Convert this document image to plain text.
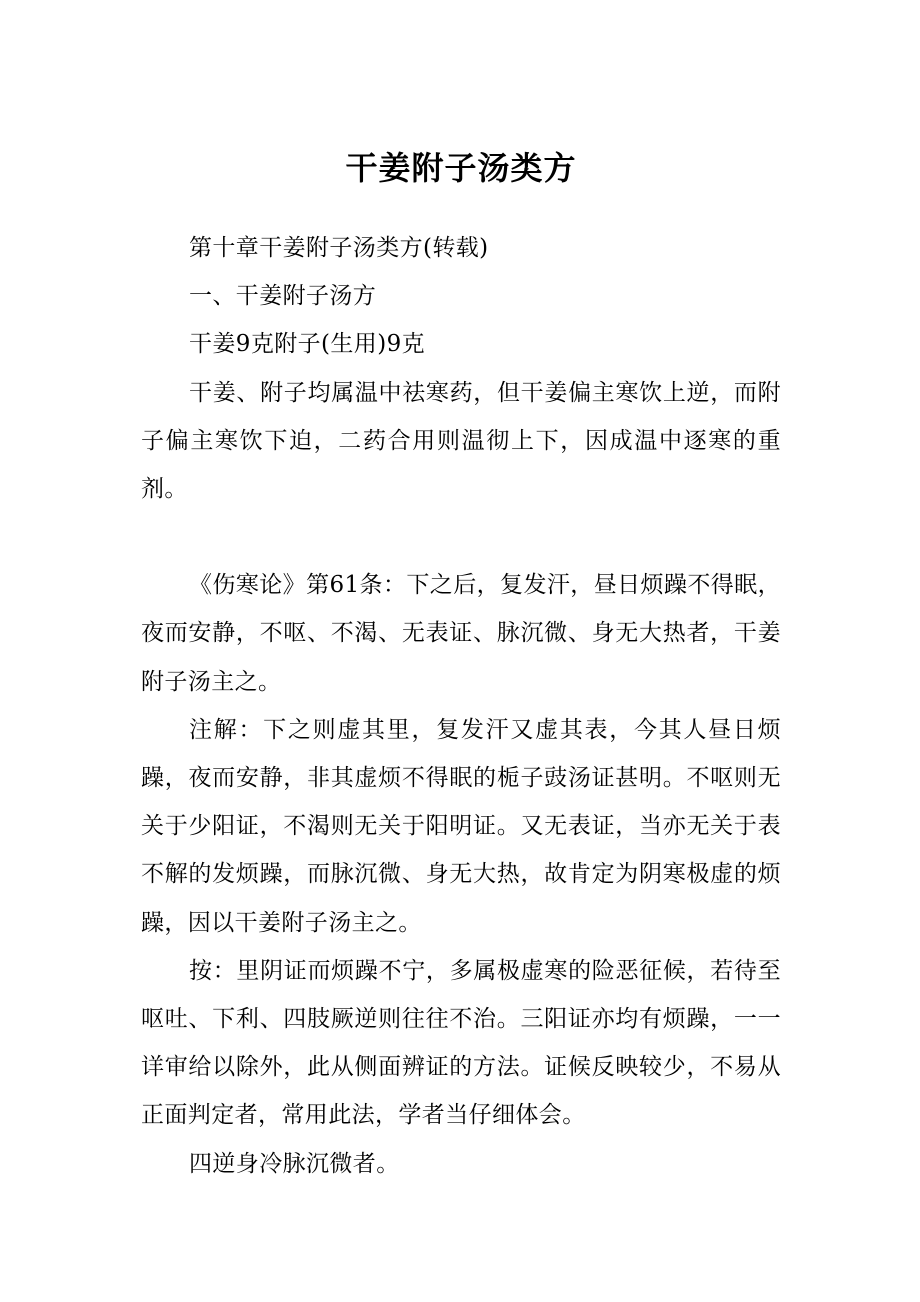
干姜附子汤类方

第十章干姜附子汤类方(转载)

一、干姜附子汤方

干姜9克附子(生用)9克

干姜、附子均属温中祛寒药，但干姜偏主寒饮上逆，而附子偏主寒饮下迫，二药合用则温彻上下，因成温中逐寒的重剂。

《伤寒论》第61条：下之后，复发汗，昼日烦躁不得眠，夜而安静，不呕、不渴、无表证、脉沉微、身无大热者，干姜附子汤主之。

注解：下之则虚其里，复发汗又虚其表，今其人昼日烦躁，夜而安静，非其虚烦不得眠的栀子豉汤证甚明。不呕则无关于少阳证，不渴则无关于阳明证。又无表证，当亦无关于表不解的发烦躁，而脉沉微、身无大热，故肯定为阴寒极虚的烦躁，因以干姜附子汤主之。

按：里阴证而烦躁不宁，多属极虚寒的险恶征候，若待至呕吐、下利、四肢厥逆则往往不治。三阳证亦均有烦躁，一一详审给以除外，此从侧面辨证的方法。证候反映较少，不易从正面判定者，常用此法，学者当仔细体会。

四逆身冷脉沉微者。
